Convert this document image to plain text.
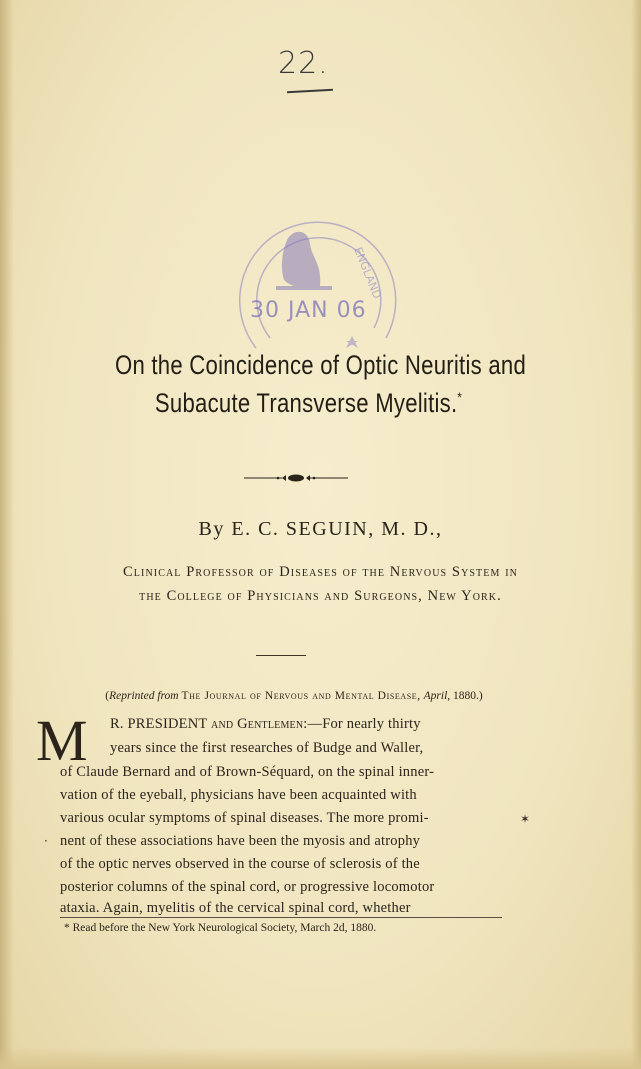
22.
ENGLAND
30 JAN 06
On the Coincidence of Optic Neuritis and
Subacute Transverse Myelitis.*
By E. C. SEGUIN, M. D.,
Clinical Professor of Diseases of the Nervous System in
the College of Physicians and Surgeons, New York.
(Reprinted from The Journal of Nervous and Mental Disease, April, 1880.)
M R. PRESIDENT and Gentlemen:—For nearly thirty
years since the first researches of Budge and Waller,
of Claude Bernard and of Brown-Séquard, on the spinal inner-
vation of the eyeball, physicians have been acquainted with
various ocular symptoms of spinal diseases. The more promi-
nent of these associations have been the myosis and atrophy
of the optic nerves observed in the course of sclerosis of the
posterior columns of the spinal cord, or progressive locomotor
ataxia. Again, myelitis of the cervical spinal cord, whether
✶
·
* Read before the New York Neurological Society, March 2d, 1880.
